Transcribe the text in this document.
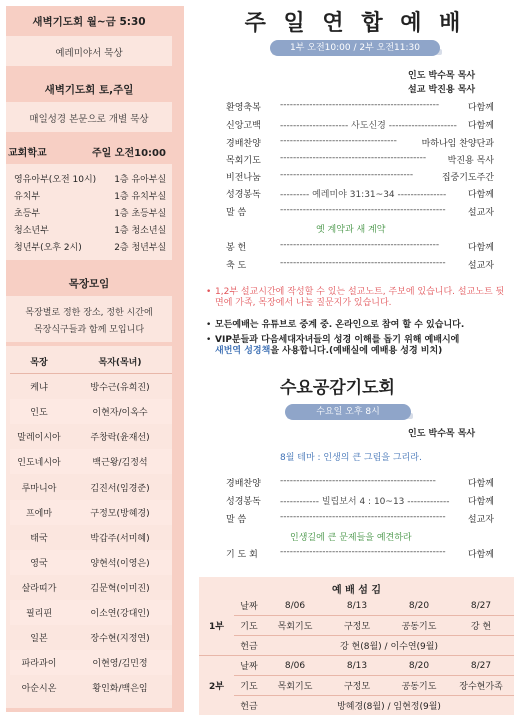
새벽기도회 월~금 5:30
예레미야서 묵상
새벽기도회 토,주일
매일성경 본문으로 개별 묵상
교회학교	주일 오전10:00
영유아부(오전 10시)	1층 유아부실
유치부	1층 유치부실
초등부	1층 초등부실
청소년부	1층 청소년실
청년부(오후 2시)	2층 청년부실
목장모임
목장별로 정한 장소, 정한 시간에
목장식구들과 함께 모입니다
목장	목자(목녀)
케냐	방수근(유희진)
인도	이현자/이옥수
말레이시아	주창락(윤재선)
인도네시아	백근왕/김정석
루마니아	김진서(임경준)
프에마	구정모(방혜경)
태국	박갑주(서미혜)
영국	양현석(이영은)
살라띠가	김문혁(이미진)
필리핀	이소연(강대인)
일본	장수현(지정연)
파라과이	이현영/김민정
아순시온	황인화/백은임
주 일 연 합 예 배
1부 오전10:00 / 2부 오전11:30
인도 박수목 목사
설교 박진용 목사
환영축복	-------------------------------------------------	다함께
신앙고백	--------------------- 사도신경 ---------------------	다함께
경배찬양	------------------------------------	마하나임 찬양단과
목회기도	---------------------------------------------	박진용 목사
비전나눔	-----------------------------------------	집중기도주간
성경봉독	--------- 예레미야 31:31~34 ---------------	다함께
말 씀	---------------------------------------------------	설교자
옛 계약과 새 계약
봉 헌	-------------------------------------------------	다함께
축 도	---------------------------------------------------	설교자
• 1,2부 설교시간에 작성할 수 있는 설교노트, 주보에 있습니다. 설교노트 뒷면에 가족, 목장에서 나눌 질문지가 있습니다.
• 모든예배는 유튜브로 중계 중. 온라인으로 참여 할 수 있습니다.
• VIP분들과 다음세대자녀들의 성경 이해를 돕기 위해 예배시에
새번역 성경책을 사용합니다.(예배실에 예배용 성경 비치)
수요공감기도회
수요일 오후 8시
인도 박수목 목사
8월 테마 : 인생의 큰 그림을 그리라.
경배찬양	------------------------------------------------	다함께
성경봉독	------------ 빌립보서 4 : 10~13 -------------	다함께
말 씀	---------------------------------------------------	설교자
인생길에 큰 문제들을 예견하라
기 도 회	---------------------------------------------------	다함께
예 배 섬 김
날짜	8/06	8/13	8/20	8/27
1부	기도	목회기도	구정모	공동기도	강 현
헌금	강 현(8월) / 이수연(9월)
날짜	8/06	8/13	8/20	8/27
2부	기도	목회기도	구정모	공동기도	장수현가족
헌금	방혜경(8월) / 임현정(9월)
